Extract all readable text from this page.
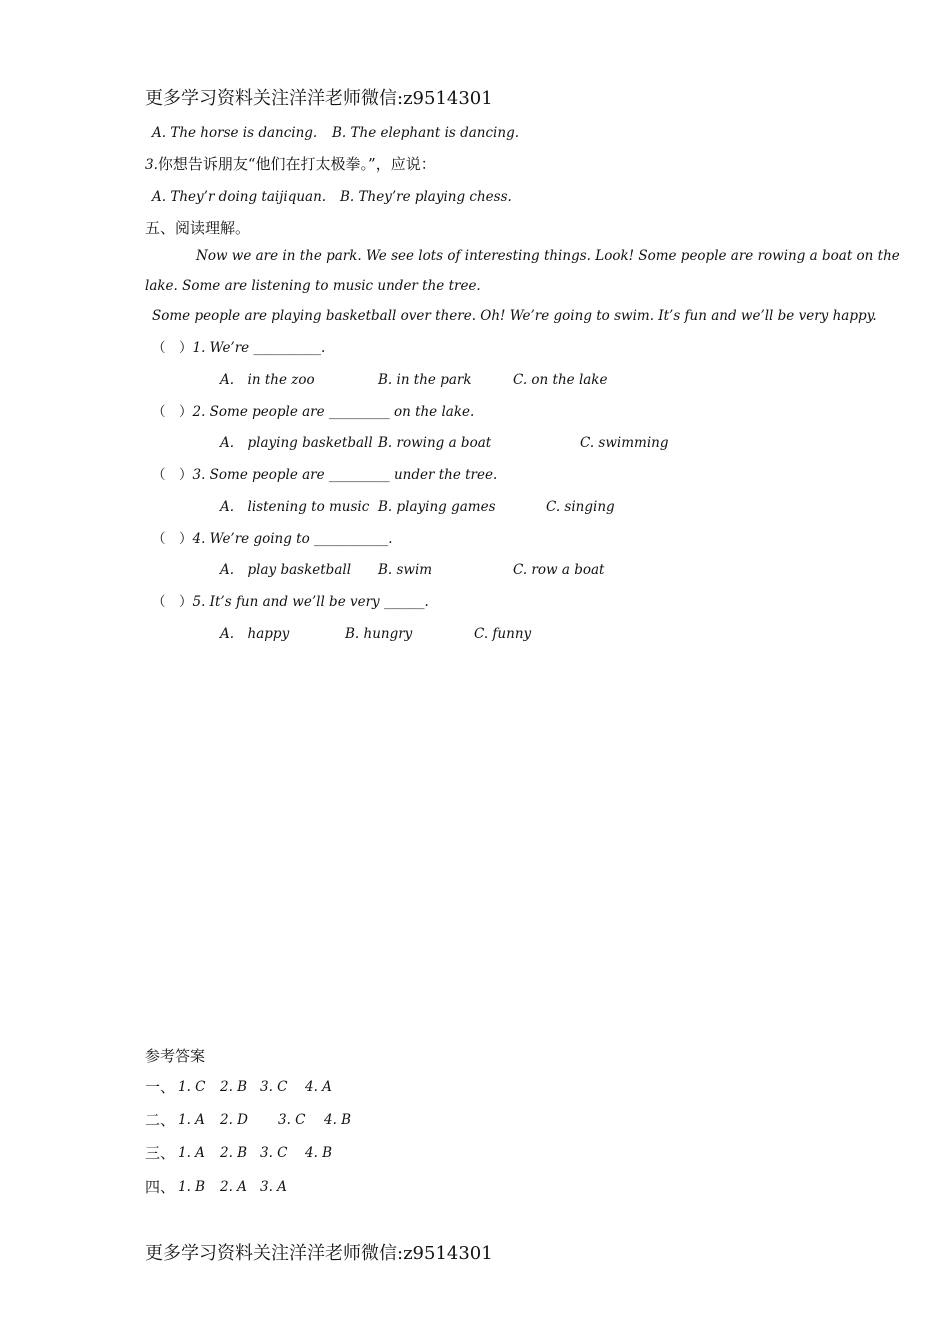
更多学习资料关注洋洋老师微信:z9514301
A. The horse is dancing. B. The elephant is dancing.
3.你想告诉朋友“他们在打太极拳。”，应说：
A. They’r doing taijiquan. B. They’re playing chess.
五、阅读理解。
Now we are in the park. We see lots of interesting things. Look! Some people are rowing a boat on the
lake. Some are listening to music under the tree.
Some people are playing basketball over there. Oh! We’re going to swim. It’s fun and we’ll be very happy.
（　）1. We’re __________.
A.　in the zoo	B. in the park	C. on the lake
（　）2. Some people are _________ on the lake.
A.　playing basketball B. rowing a boat	C. swimming
（　）3. Some people are _________ under the tree.
A.　listening to music B. playing games	C. singing
（　）4. We’re going to ___________.
A.　play basketball B. swim	C. row a boat
（　）5. It’s fun and we’ll be very ______.
A.　happy	B. hungry	C. funny
参考答案
一、 1. C 2. B 3. C 4. A
二、 1. A 2. D 3. C 4. B
三、 1. A 2. B 3. C 4. B
四、 1. B 2. A 3. A
更多学习资料关注洋洋老师微信:z9514301
